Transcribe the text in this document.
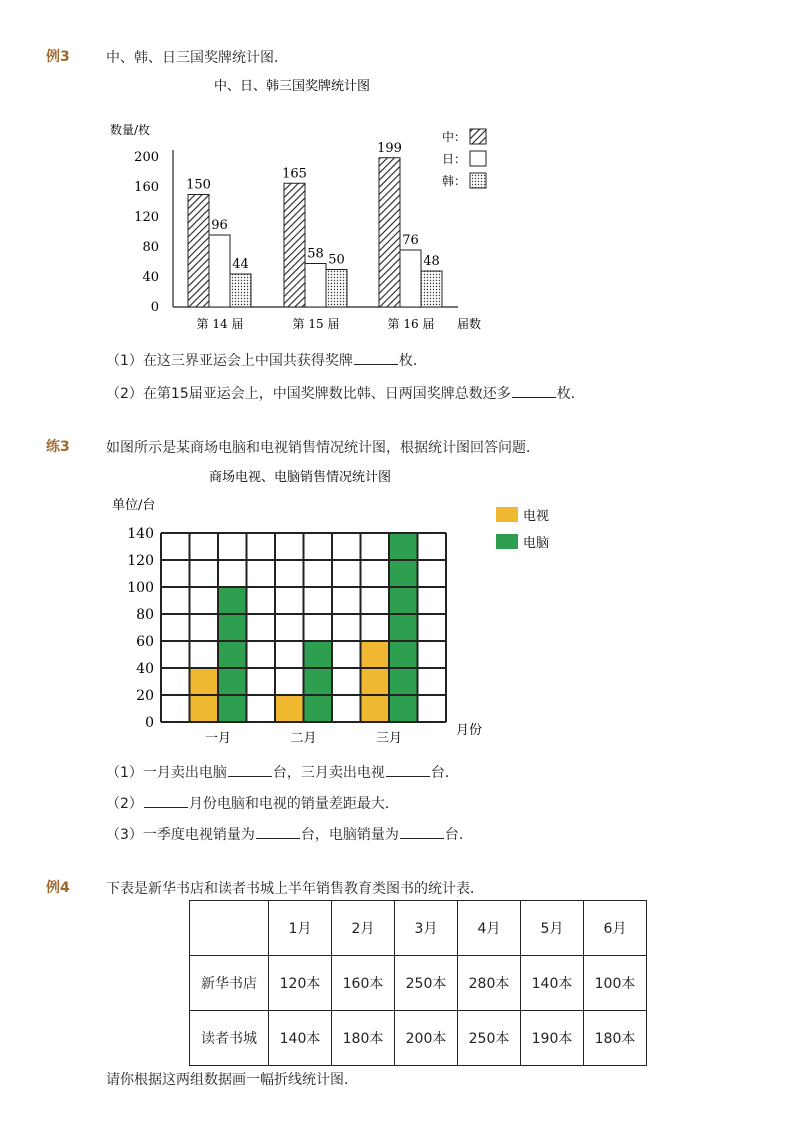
例3	中、韩、日三国奖牌统计图．
中、日、韩三国奖牌统计图
数量/枚
届数
0
40
80
120
160
200
150
96
44
第 14 届
165
58 50
第 15 届
199
76
48
第 16 届
中：
日：
韩：
（1）在这三界亚运会上中国共获得奖牌	枚．
（2）在第15届亚运会上，中国奖牌数比韩、日两国奖牌总数还多	枚．
练3	如图所示是某商场电脑和电视销售情况统计图，根据统计图回答问题．
商场电视、电脑销售情况统计图
单位/台
月份
一月	二月	三月
0
20
40
60
80
100
120
140
电视
电脑
（1）一月卖出电脑	台，三月卖出电视	台．
（2）	月份电脑和电视的销量差距最大．
（3）一季度电视销量为	台，电脑销量为	台．
例4	下表是新华书店和读者书城上半年销售教育类图书的统计表．
	1月	2月	3月	4月	5月	6月
新华书店	120本	160本	250本	280本	140本	100本
读者书城	140本	180本	200本	250本	190本	180本
请你根据这两组数据画一幅折线统计图．
